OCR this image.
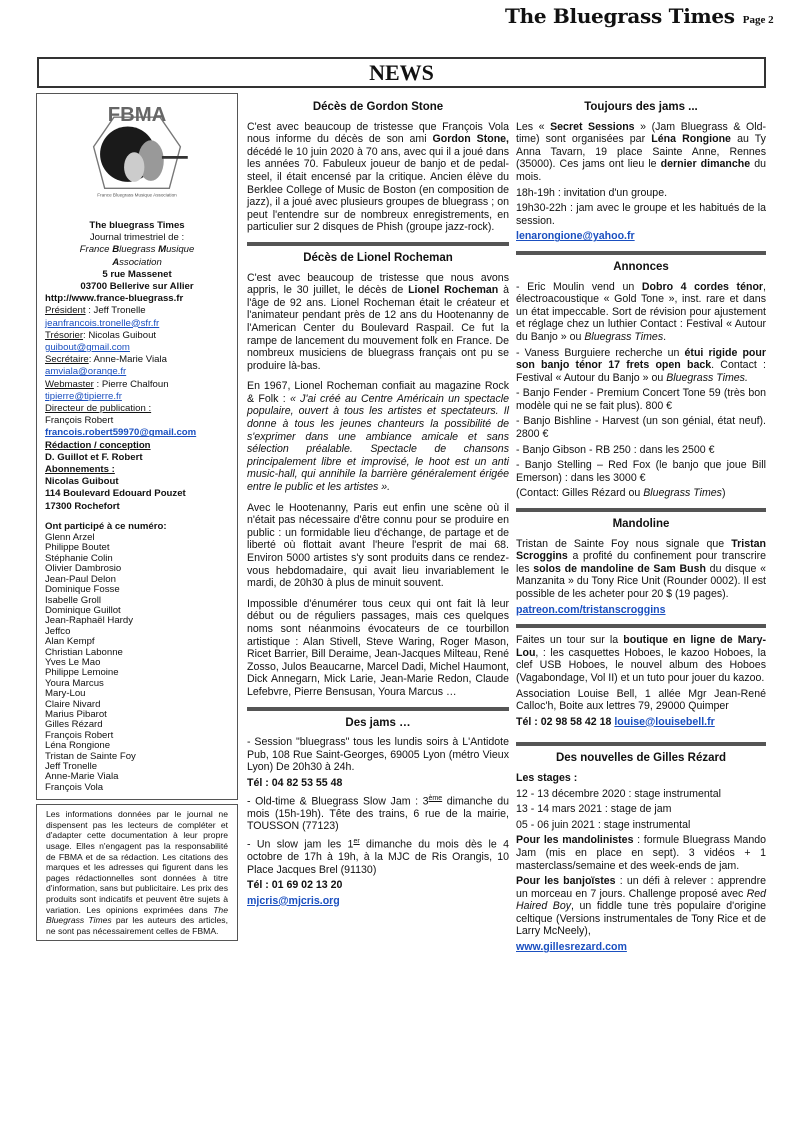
The Bluegrass Times Page 2
NEWS
FBMA
France Bluegrass Musique Association
The bluegrass Times
Journal trimestriel de :
France Bluegrass Musique
Association
5 rue Massenet
03700 Bellerive sur Allier
http://www.france-bluegrass.fr
Président : Jeff Tronelle
jeanfrancois.tronelle@sfr.fr
Trésorier: Nicolas Guibout
guibout@gmail.com
Secrétaire: Anne-Marie Viala
amviala@orange.fr
Webmaster : Pierre Chalfoun
tipierre@tipierre.fr
Directeur de publication :
François Robert
francois.robert59970@gmail.com
Rédaction / conception
D. Guillot et F. Robert
Abonnements :
Nicolas Guibout
114 Boulevard Edouard Pouzet
17300 Rochefort
Ont participé à ce numéro:
Glenn Arzel
Philippe Boutet
Stéphanie Colin
Olivier Dambrosio
Jean-Paul Delon
Dominique Fosse
Isabelle Groll
Dominique Guillot
Jean-Raphaël Hardy
Jeffco
Alan Kempf
Christian Labonne
Yves Le Mao
Philippe Lemoine
Youra Marcus
Mary-Lou
Claire Nivard
Marius Pibarot
Gilles Rézard
François Robert
Léna Rongione
Tristan de Sainte Foy
Jeff Tronelle
Anne-Marie Viala
François Vola

Les informations données par le journal ne dispensent pas les lecteurs de compléter et d'adapter cette documentation à leur propre usage. Elles n'engagent pas la responsabilité de FBMA et de sa rédaction. Les citations des marques et les adresses qui figurent dans les pages rédactionnelles sont données à titre d'information, sans but publicitaire. Les prix des produits sont indicatifs et peuvent être sujets à variation. Les opinions exprimées dans The Bluegrass Times par les auteurs des articles, ne sont pas nécessairement celles de FBMA.

Décès de Gordon Stone

C'est avec beaucoup de tristesse que François Vola nous informe du décès de son ami Gordon Stone, décédé le 10 juin 2020 à 70 ans, avec qui il a joué dans les années 70. Fabuleux joueur de banjo et de pedal-steel, il était encensé par la critique. Ancien élève du Berklee College of Music de Boston (en composition de jazz), il a joué avec plusieurs groupes de bluegrass ; on peut l'entendre sur de nombreux enregistrements, en particulier sur 2 disques de Phish (groupe jazz-rock).

Décès de Lionel Rocheman

C'est avec beaucoup de tristesse que nous avons appris, le 30 juillet, le décès de Lionel Rocheman à l'âge de 92 ans. Lionel Rocheman était le créateur et l'animateur pendant près de 12 ans du Hootenanny de l'American Center du Boulevard Raspail. Ce fut la rampe de lancement du mouvement folk en France. De nombreux musiciens de bluegrass français ont pu se produire là-bas.

En 1967, Lionel Rocheman confiait au magazine Rock & Folk : « J'ai créé au Centre Américain un spectacle populaire, ouvert à tous les artistes et spectateurs. Il donne à tous les jeunes chanteurs la possibilité de s'exprimer dans une ambiance amicale et sans sélection préalable. Spectacle de chansons principalement libre et improvisé, le hoot est un anti music-hall, qui annihile la barrière généralement érigée entre le public et les artistes ».

Avec le Hootenanny, Paris eut enfin une scène où il n'était pas nécessaire d'être connu pour se produire en public : un formidable lieu d'échange, de partage et de liberté où flottait avant l'heure l'esprit de mai 68. Environ 5000 artistes s'y sont produits dans ce rendez-vous hebdomadaire, qui avait lieu invariablement le mardi, de 20h30 à plus de minuit souvent.

Impossible d'énumérer tous ceux qui ont fait là leur début ou de réguliers passages, mais ces quelques noms sont néanmoins évocateurs de ce tourbillon artistique : Alan Stivell, Steve Waring, Roger Mason, Ricet Barrier, Bill Deraime, Jean-Jacques Milteau, René Zosso, Julos Beaucarne, Marcel Dadi, Michel Haumont, Dick Annegarn, Mick Larie, Jean-Marie Redon, Claude Lefebvre, Pierre Bensusan, Youra Marcus …

Des jams …

- Session "bluegrass" tous les lundis soirs à L'Antidote Pub, 108 Rue Saint-Georges, 69005 Lyon (métro Vieux Lyon) De 20h30 à 24h.

Tél : 04 82 53 55 48

- Old-time & Bluegrass Slow Jam : 3ème dimanche du mois (15h-19h). Tête des trains, 6 rue de la mairie, TOUSSON (77123)

- Un slow jam les 1er dimanche du mois dès le 4 octobre de 17h à 19h, à la MJC de Ris Orangis, 10 Place Jacques Brel (91130)

Tél : 01 69 02 13 20

mjcris@mjcris.org

Toujours des jams ...

Les « Secret Sessions » (Jam Bluegrass & Old-time) sont organisées par Léna Rongione au Ty Anna Tavarn, 19 place Sainte Anne, Rennes (35000). Ces jams ont lieu le dernier dimanche du mois.

18h-19h : invitation d'un groupe.

19h30-22h : jam avec le groupe et les habitués de la session.

lenarongione@yahoo.fr

Annonces

- Eric Moulin vend un Dobro 4 cordes ténor, électroacoustique « Gold Tone », inst. rare et dans un état impeccable. Sort de révision pour ajustement et réglage chez un luthier Contact : Festival « Autour du Banjo » ou Bluegrass Times.

- Vaness Burguiere recherche un étui rigide pour son banjo ténor 17 frets open back. Contact : Festival « Autour du Banjo » ou Bluegrass Times.

- Banjo Fender - Premium Concert Tone 59 (très bon modèle qui ne se fait plus). 800 €

- Banjo Bishline - Harvest (un son génial, état neuf). 2800 €

- Banjo Gibson - RB 250 : dans les 2500 €

- Banjo Stelling – Red Fox (le banjo que joue Bill Emerson) : dans les 3000 €

(Contact: Gilles Rézard ou Bluegrass Times)

Mandoline

Tristan de Sainte Foy nous signale que Tristan Scroggins a profité du confinement pour transcrire les solos de mandoline de Sam Bush du disque « Manzanita » du Tony Rice Unit (Rounder 0002). Il est possible de les acheter pour 20 $ (19 pages).

patreon.com/tristanscroggins

Faites un tour sur la boutique en ligne de Mary-Lou, : les casquettes Hoboes, le kazoo Hoboes, la clef USB Hoboes, le nouvel album des Hoboes (Vagabondage, Vol II) et un tuto pour jouer du kazoo.

Association Louise Bell, 1 allée Mgr Jean-René Calloc'h, Boite aux lettres 79, 29000 Quimper

Tél : 02 98 58 42 18 louise@louisebell.fr

Des nouvelles de Gilles Rézard

Les stages :

12 - 13 décembre 2020 : stage instrumental

13 - 14 mars 2021 : stage de jam

05 - 06 juin 2021 : stage instrumental

Pour les mandolinistes : formule Bluegrass Mando Jam (mis en place en sept). 3 vidéos + 1 masterclass/semaine et des week-ends de jam.

Pour les banjoïstes : un défi à relever : apprendre un morceau en 7 jours. Challenge proposé avec Red Haired Boy, un fiddle tune très populaire d'origine celtique (Versions instrumentales de Tony Rice et de Larry McNeely),

www.gillesrezard.com
